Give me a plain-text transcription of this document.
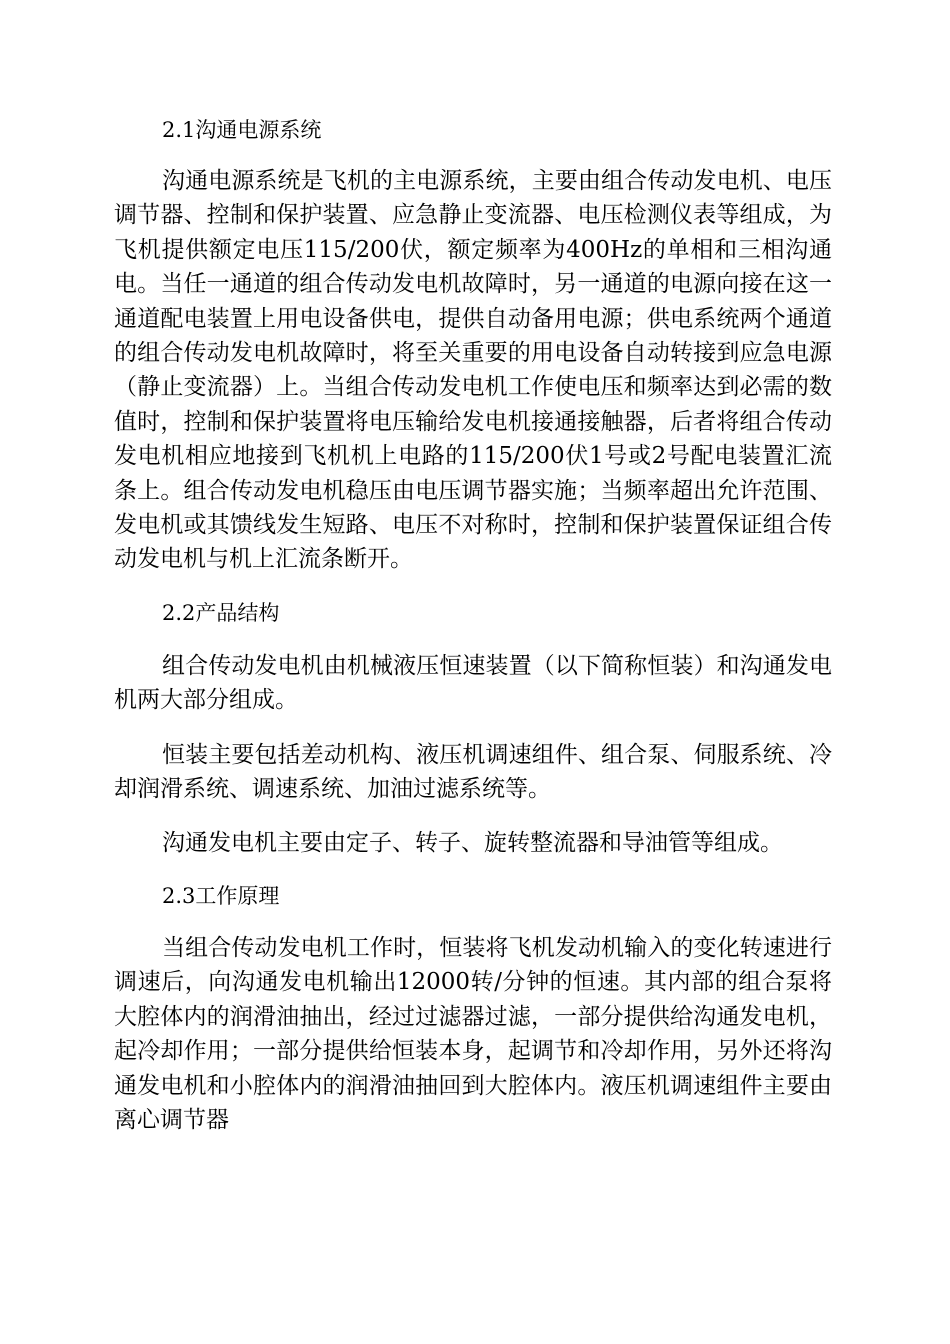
2.1沟通电源系统

沟通电源系统是飞机的主电源系统，主要由组合传动发电机、电压调节器、控制和保护装置、应急静止变流器、电压检测仪表等组成，为飞机提供额定电压115/200伏，额定频率为400Hz的单相和三相沟通电。当任一通道的组合传动发电机故障时，另一通道的电源向接在这一通道配电装置上用电设备供电，提供自动备用电源；供电系统两个通道的组合传动发电机故障时，将至关重要的用电设备自动转接到应急电源（静止变流器）上。当组合传动发电机工作使电压和频率达到必需的数值时，控制和保护装置将电压输给发电机接通接触器，后者将组合传动发电机相应地接到飞机机上电路的115/200伏1号或2号配电装置汇流条上。组合传动发电机稳压由电压调节器实施；当频率超出允许范围、发电机或其馈线发生短路、电压不对称时，控制和保护装置保证组合传动发电机与机上汇流条断开。

2.2产品结构

组合传动发电机由机械液压恒速装置（以下简称恒装）和沟通发电机两大部分组成。

恒装主要包括差动机构、液压机调速组件、组合泵、伺服系统、冷却润滑系统、调速系统、加油过滤系统等。

沟通发电机主要由定子、转子、旋转整流器和导油管等组成。

2.3工作原理

当组合传动发电机工作时，恒装将飞机发动机输入的变化转速进行调速后，向沟通发电机输出12000转/分钟的恒速。其内部的组合泵将大腔体内的润滑油抽出，经过过滤器过滤，一部分提供给沟通发电机，起冷却作用；一部分提供给恒装本身，起调节和冷却作用，另外还将沟通发电机和小腔体内的润滑油抽回到大腔体内。液压机调速组件主要由离心调节器
